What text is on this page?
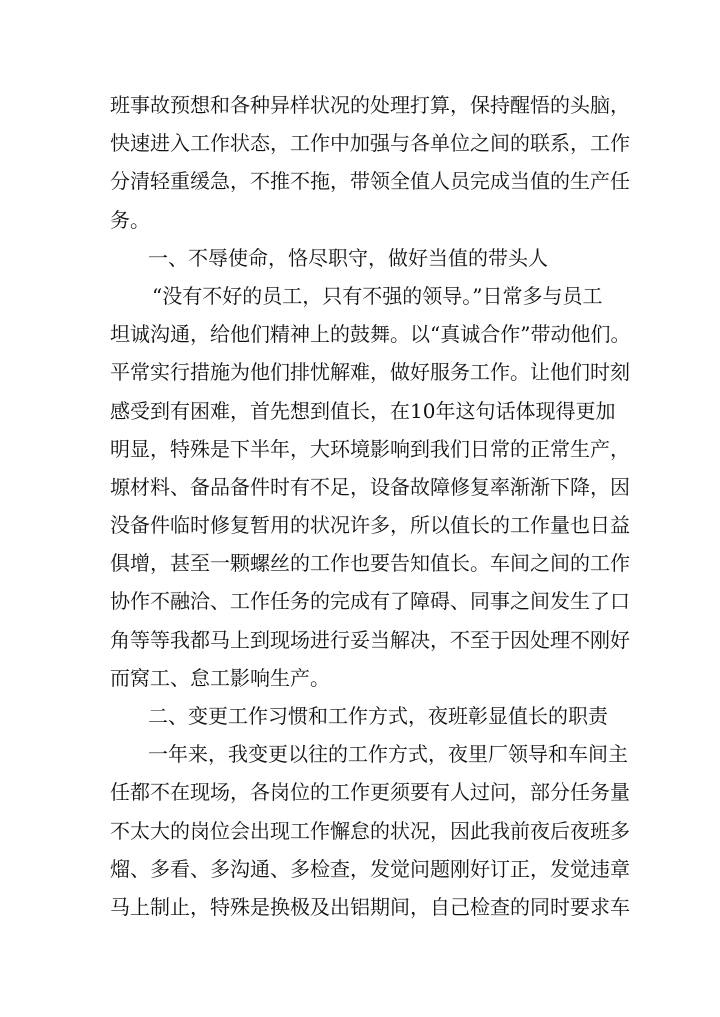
班事故预想和各种异样状况的处理打算，保持醒悟的头脑，
快速进入工作状态，工作中加强与各单位之间的联系，工作
分清轻重缓急，不推不拖，带领全值人员完成当值的生产任
务。
一、不辱使命，恪尽职守，做好当值的带头人
“没有不好的员工，只有不强的领导。”日常多与员工
坦诚沟通，给他们精神上的鼓舞。以“真诚合作”带动他们。
平常实行措施为他们排忧解难，做好服务工作。让他们时刻
感受到有困难，首先想到值长，在10年这句话体现得更加
明显，特殊是下半年，大环境影响到我们日常的正常生产，
塬材料、备品备件时有不足，设备故障修复率渐渐下降，因
没备件临时修复暂用的状况许多，所以值长的工作量也日益
俱增，甚至一颗螺丝的工作也要告知值长。车间之间的工作
协作不融洽、工作任务的完成有了障碍、同事之间发生了口
角等等我都马上到现场进行妥当解决，不至于因处理不刚好
而窝工、怠工影响生产。
二、变更工作习惯和工作方式，夜班彰显值长的职责
一年来，我变更以往的工作方式，夜里厂领导和车间主
任都不在现场，各岗位的工作更须要有人过问，部分任务量
不太大的岗位会出现工作懈怠的状况，因此我前夜后夜班多
熘、多看、多沟通、多检查，发觉问题刚好订正，发觉违章
马上制止，特殊是换极及出铝期间，自己检查的同时要求车
